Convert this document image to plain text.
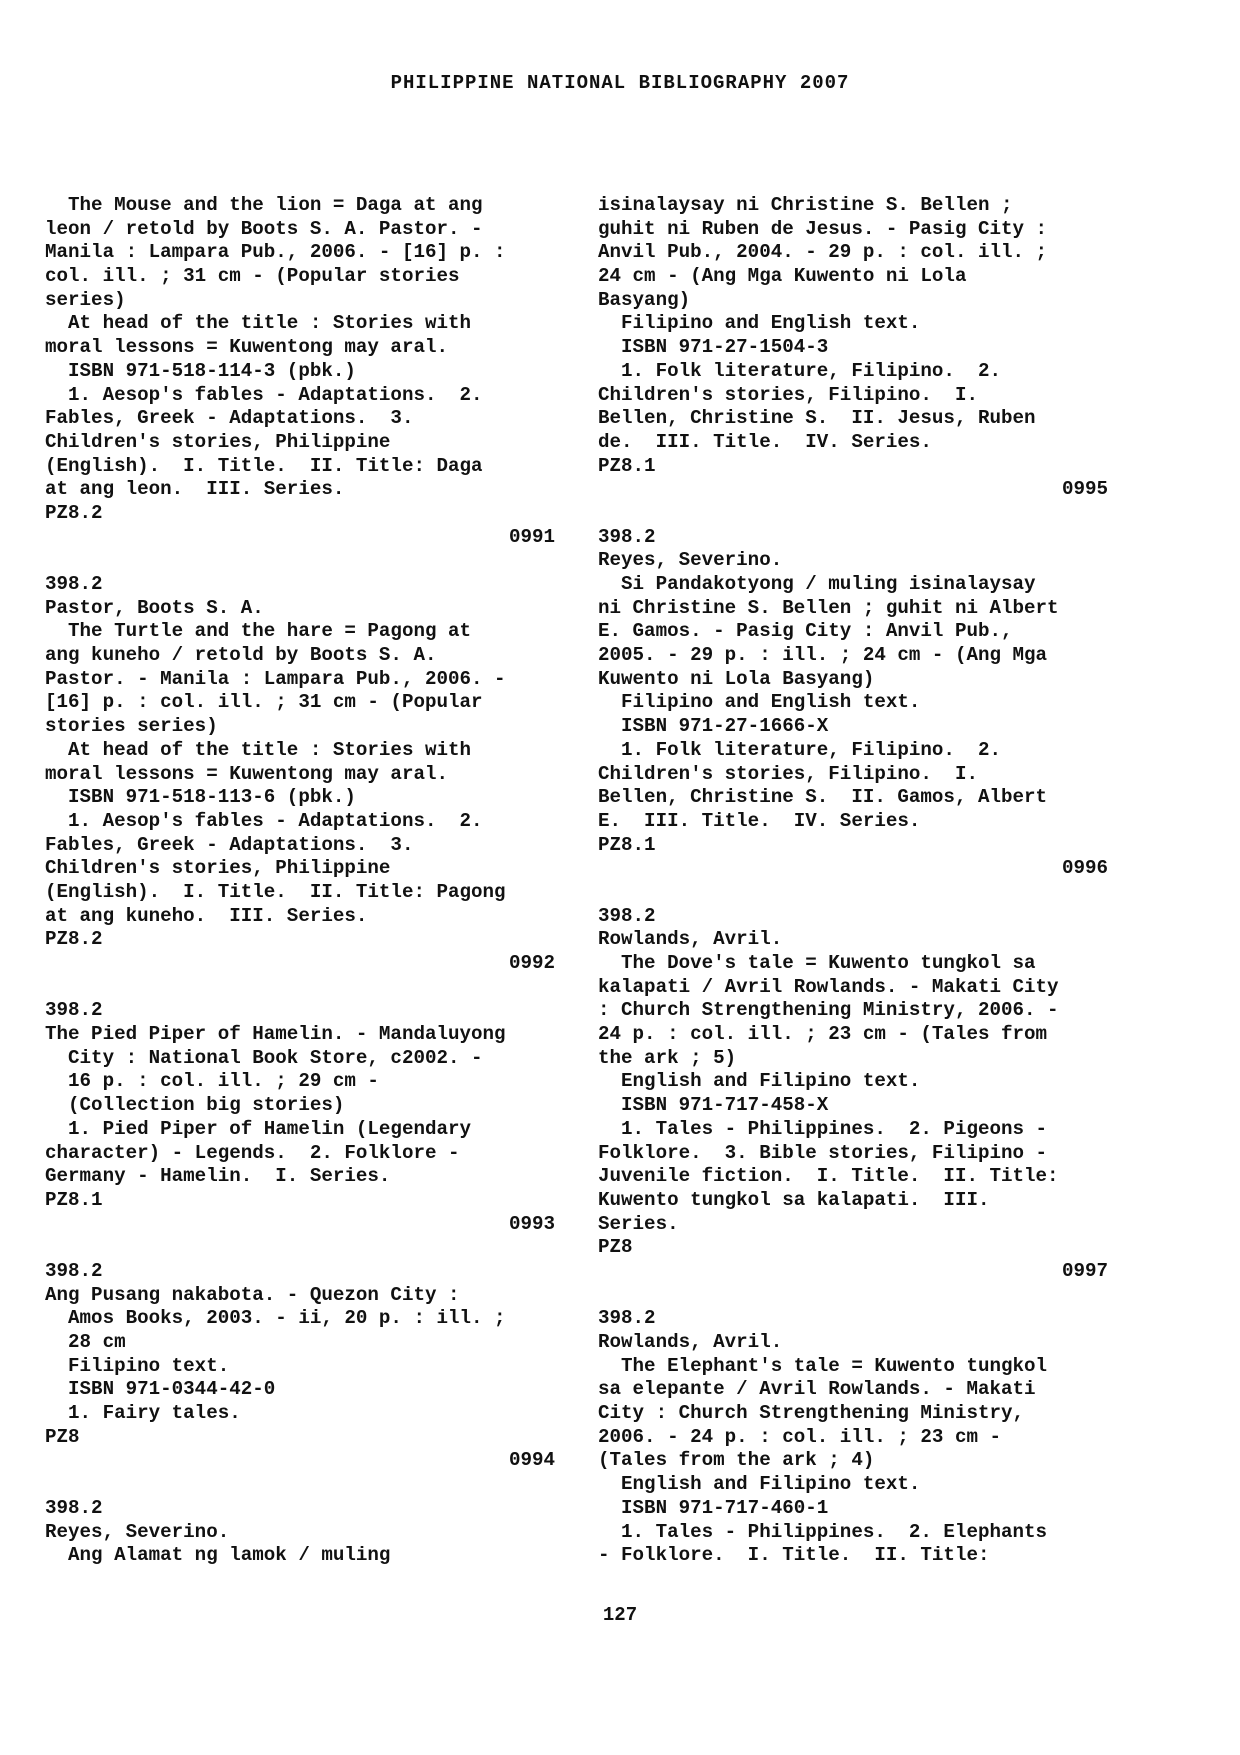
PHILIPPINE NATIONAL BIBLIOGRAPHY 2007
The Mouse and the lion = Daga at ang
leon / retold by Boots S. A. Pastor. -
Manila : Lampara Pub., 2006. - [16] p. :
col. ill. ; 31 cm - (Popular stories
series)
At head of the title : Stories with
moral lessons = Kuwentong may aral.
ISBN 971-518-114-3 (pbk.)
1. Aesop's fables - Adaptations.  2.
Fables, Greek - Adaptations.  3.
Children's stories, Philippine
(English).  I. Title.  II. Title: Daga
at ang leon.  III. Series.
PZ8.2
0991
398.2
Pastor, Boots S. A.
The Turtle and the hare = Pagong at
ang kuneho / retold by Boots S. A.
Pastor. - Manila : Lampara Pub., 2006. -
[16] p. : col. ill. ; 31 cm - (Popular
stories series)
At head of the title : Stories with
moral lessons = Kuwentong may aral.
ISBN 971-518-113-6 (pbk.)
1. Aesop's fables - Adaptations.  2.
Fables, Greek - Adaptations.  3.
Children's stories, Philippine
(English).  I. Title.  II. Title: Pagong
at ang kuneho.  III. Series.
PZ8.2
0992
398.2
The Pied Piper of Hamelin. - Mandaluyong
City : National Book Store, c2002. -
16 p. : col. ill. ; 29 cm -
(Collection big stories)
1. Pied Piper of Hamelin (Legendary
character) - Legends.  2. Folklore -
Germany - Hamelin.  I. Series.
PZ8.1
0993
398.2
Ang Pusang nakabota. - Quezon City :
Amos Books, 2003. - ii, 20 p. : ill. ;
28 cm
Filipino text.
ISBN 971-0344-42-0
1. Fairy tales.
PZ8
0994
398.2
Reyes, Severino.
Ang Alamat ng lamok / muling
isinalaysay ni Christine S. Bellen ;
guhit ni Ruben de Jesus. - Pasig City :
Anvil Pub., 2004. - 29 p. : col. ill. ;
24 cm - (Ang Mga Kuwento ni Lola
Basyang)
Filipino and English text.
ISBN 971-27-1504-3
1. Folk literature, Filipino.  2.
Children's stories, Filipino.  I.
Bellen, Christine S.  II. Jesus, Ruben
de.  III. Title.  IV. Series.
PZ8.1
0995
398.2
Reyes, Severino.
Si Pandakotyong / muling isinalaysay
ni Christine S. Bellen ; guhit ni Albert
E. Gamos. - Pasig City : Anvil Pub.,
2005. - 29 p. : ill. ; 24 cm - (Ang Mga
Kuwento ni Lola Basyang)
Filipino and English text.
ISBN 971-27-1666-X
1. Folk literature, Filipino.  2.
Children's stories, Filipino.  I.
Bellen, Christine S.  II. Gamos, Albert
E.  III. Title.  IV. Series.
PZ8.1
0996
398.2
Rowlands, Avril.
The Dove's tale = Kuwento tungkol sa
kalapati / Avril Rowlands. - Makati City
: Church Strengthening Ministry, 2006. -
24 p. : col. ill. ; 23 cm - (Tales from
the ark ; 5)
English and Filipino text.
ISBN 971-717-458-X
1. Tales - Philippines.  2. Pigeons -
Folklore.  3. Bible stories, Filipino -
Juvenile fiction.  I. Title.  II. Title:
Kuwento tungkol sa kalapati.  III.
Series.
PZ8
0997
398.2
Rowlands, Avril.
The Elephant's tale = Kuwento tungkol
sa elepante / Avril Rowlands. - Makati
City : Church Strengthening Ministry,
2006. - 24 p. : col. ill. ; 23 cm -
(Tales from the ark ; 4)
English and Filipino text.
ISBN 971-717-460-1
1. Tales - Philippines.  2. Elephants
- Folklore.  I. Title.  II. Title:
127
